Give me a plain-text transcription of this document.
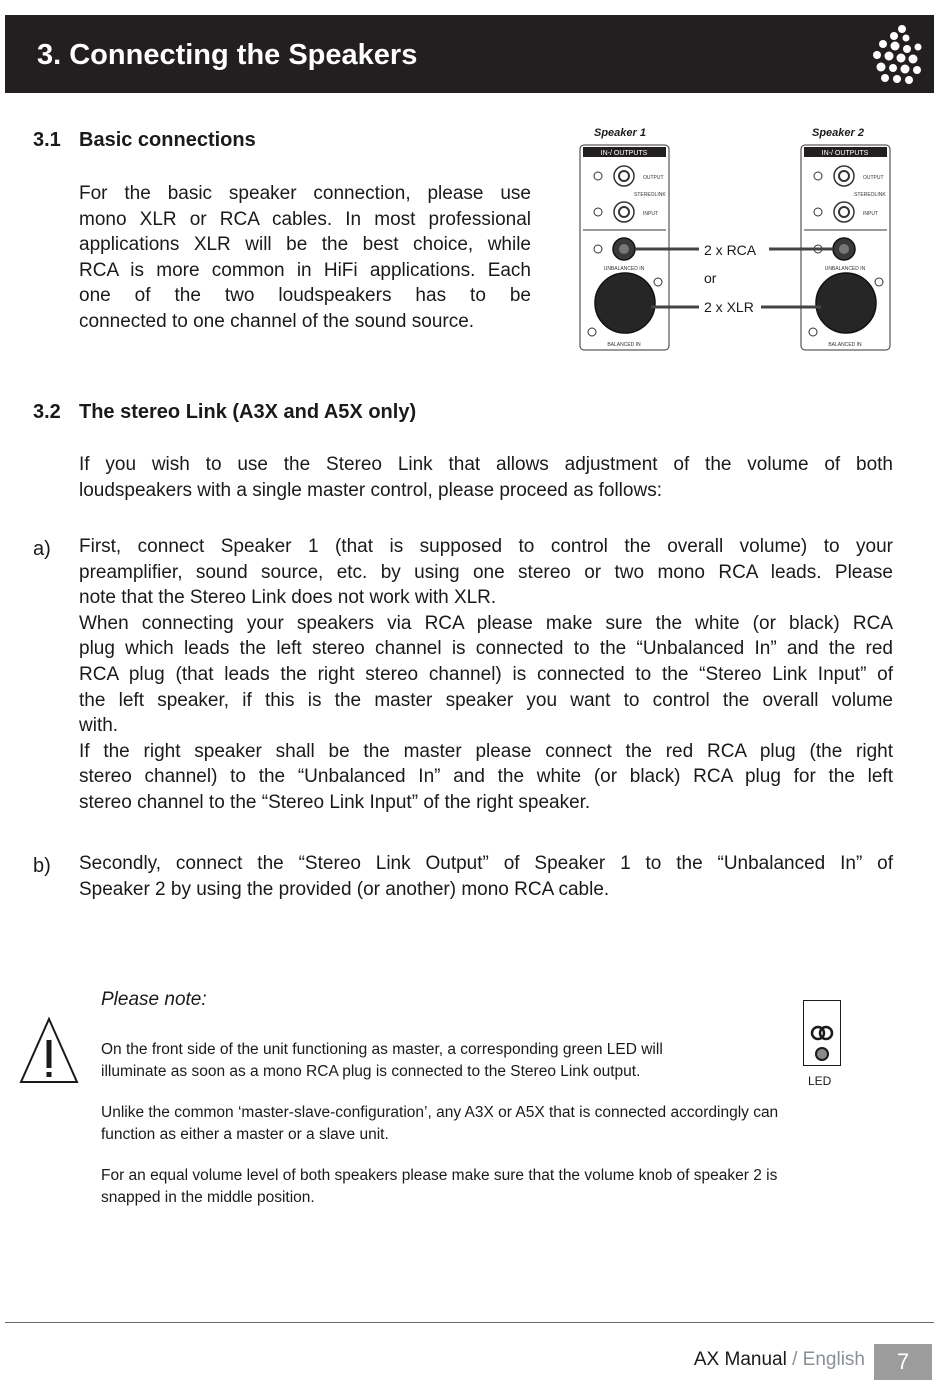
3. Connecting the Speakers
3.1 Basic connections
For the basic speaker connection, please use
mono XLR or RCA cables. In most professional
applications XLR will be the best choice, while
RCA is more common in HiFi applications. Each
one of the two loudspeakers has to be
connected to one channel of the sound source.
Speaker 1
IN-/ OUTPUTS
OUTPUT
STEREOLINK
INPUT
UNBALANCED IN
BALANCED IN
Speaker 2
IN-/ OUTPUTS
OUTPUT
STEREOLINK
INPUT
UNBALANCED IN
BALANCED IN
2 x RCA
or
2 x XLR
3.2 The stereo Link (A3X and A5X only)
If you wish to use the Stereo Link that allows adjustment of the volume of both
loudspeakers with a single master control, please proceed as follows:

a) First, connect Speaker 1 (that is supposed to control the overall volume) to your
preamplifier, sound source, etc. by using one stereo or two mono RCA leads. Please
note that the Stereo Link does not work with XLR.
When connecting your speakers via RCA please make sure the white (or black) RCA
plug which leads the left stereo channel is connected to the “Unbalanced In” and the red
RCA plug (that leads the right stereo channel) is connected to the “Stereo Link Input” of
the left speaker, if this is the master speaker you want to control the overall volume
with.
If the right speaker shall be the master please connect the red RCA plug (the right
stereo channel) to the “Unbalanced In” and the white (or black) RCA plug for the left
stereo channel to the “Stereo Link Input” of the right speaker.

b) Secondly, connect the “Stereo Link Output” of Speaker 1 to the “Unbalanced In” of
Speaker 2 by using the provided (or another) mono RCA cable.

Please note:

On the front side of the unit functioning as master, a corresponding green LED will
illuminate as soon as a mono RCA plug is connected to the Stereo Link output.

LED

Unlike the common ‘master-slave-configuration’, any A3X or A5X that is connected accordingly can
function as either a master or a slave unit.
For an equal volume level of both speakers please make sure that the volume knob of speaker 2 is
snapped in the middle position.

AX Manual / English	7
